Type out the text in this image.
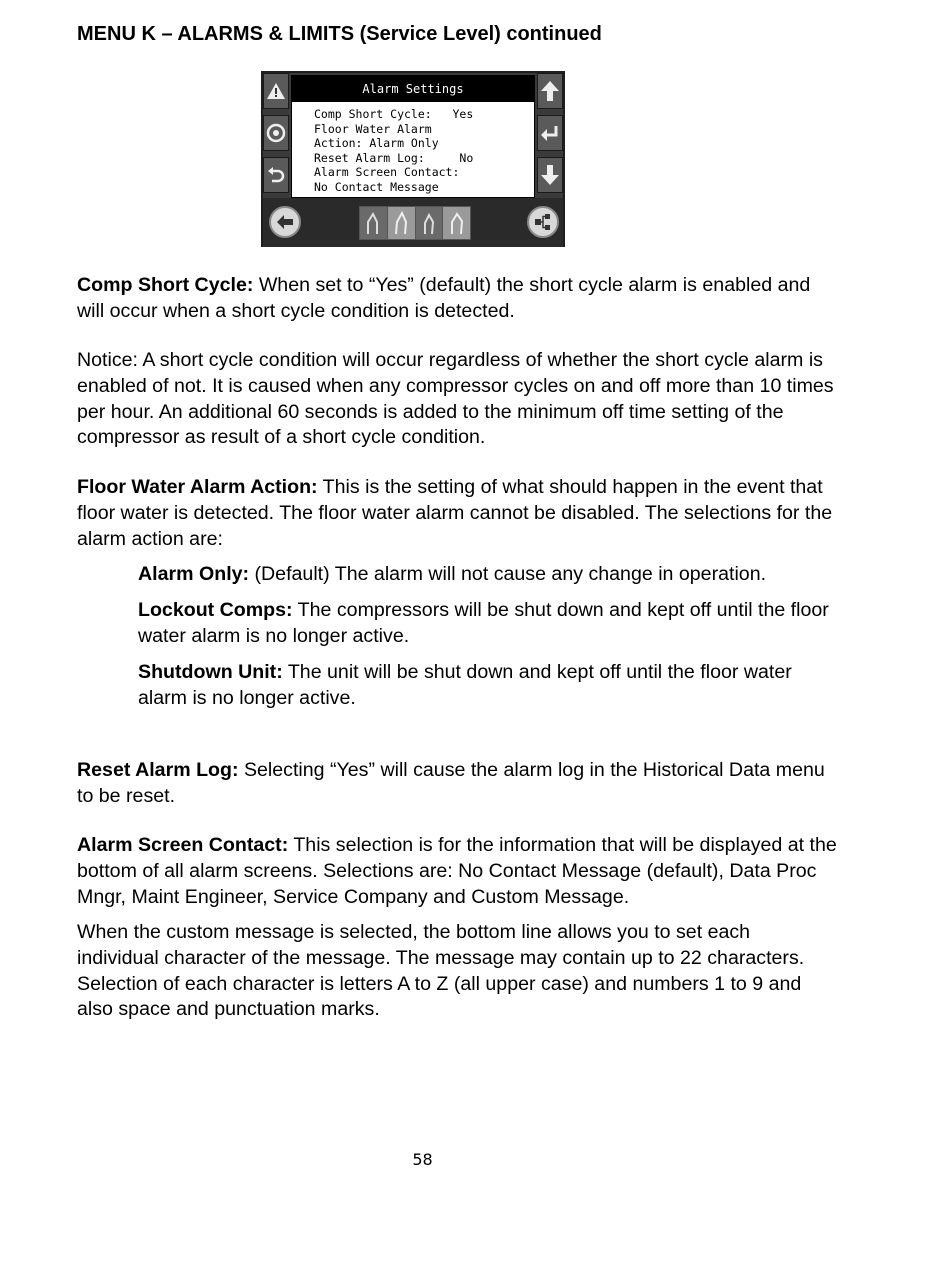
MENU K – ALARMS & LIMITS (Service Level) continued
Alarm Settings
Comp Short Cycle:   Yes
Floor Water Alarm
Action: Alarm Only
Reset Alarm Log:     No
Alarm Screen Contact:
No Contact Message

Comp Short Cycle: When set to “Yes” (default) the short cycle alarm is enabled and will occur when a short cycle condition is detected.

Notice: A short cycle condition will occur regardless of whether the short cycle alarm is enabled of not. It is caused when any compressor cycles on and off more than 10 times per hour. An additional 60 seconds is added to the minimum off time setting of the compressor as result of a short cycle condition.

Floor Water Alarm Action: This is the setting of what should happen in the event that floor water is detected. The floor water alarm cannot be disabled. The selections for the alarm action are:

Alarm Only: (Default) The alarm will not cause any change in operation.

Lockout Comps: The compressors will be shut down and kept off until the floor water alarm is no longer active.

Shutdown Unit: The unit will be shut down and kept off until the floor water alarm is no longer active.

Reset Alarm Log: Selecting “Yes” will cause the alarm log in the Historical Data menu to be reset.

Alarm Screen Contact: This selection is for the information that will be displayed at the bottom of all alarm screens. Selections are: No Contact Message (default), Data Proc Mngr, Maint Engineer, Service Company and Custom Message.

When the custom message is selected, the bottom line allows you to set each individual character of the message. The message may contain up to 22 characters. Selection of each character is letters A to Z (all upper case) and numbers 1 to 9 and also space and punctuation marks.

58
